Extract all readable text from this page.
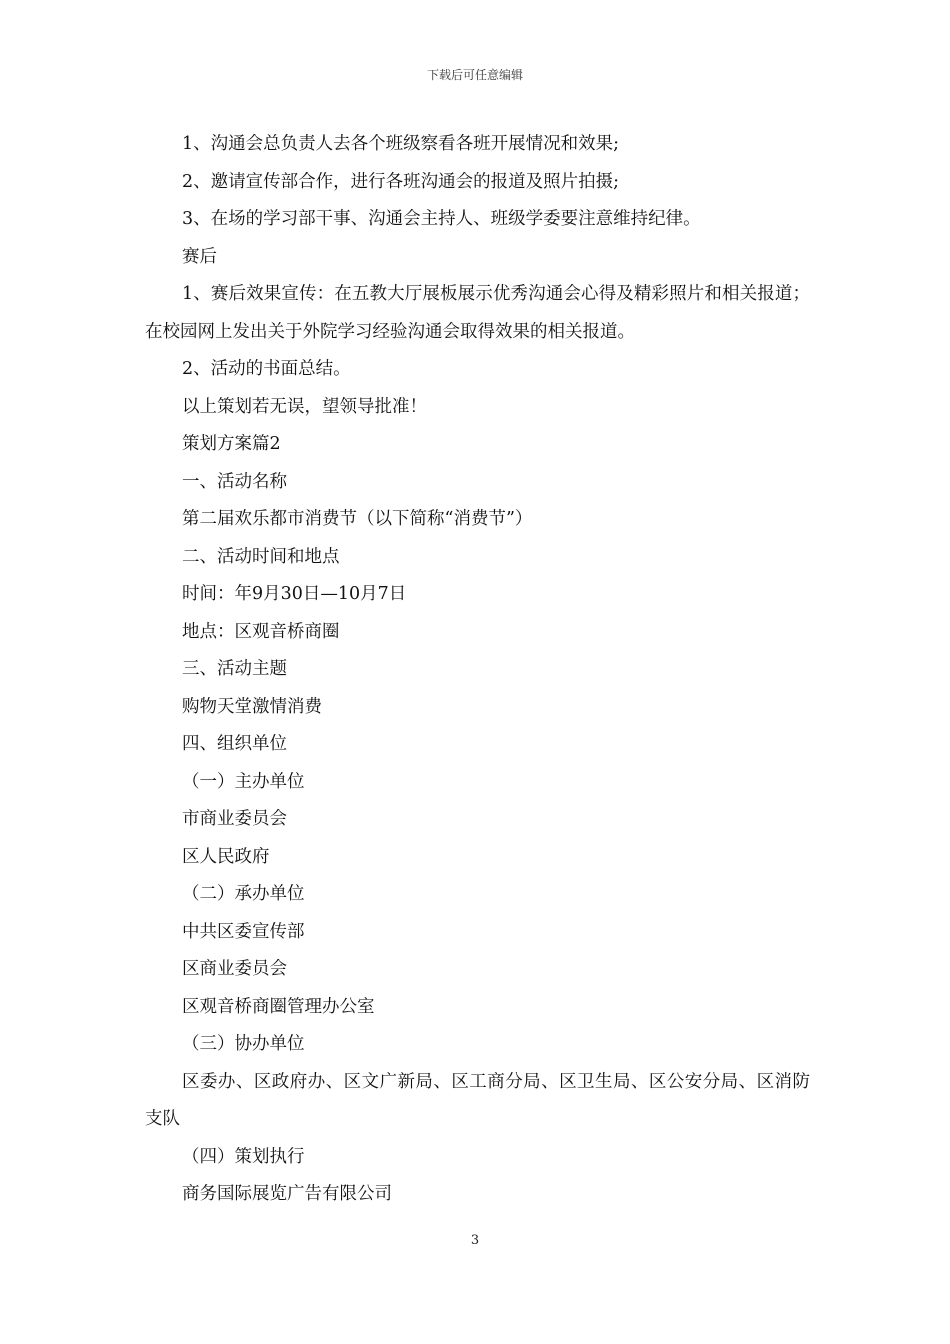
下载后可任意编辑
1、沟通会总负责人去各个班级察看各班开展情况和效果;
2、邀请宣传部合作，进行各班沟通会的报道及照片拍摄;
3、在场的学习部干事、沟通会主持人、班级学委要注意维持纪律。
赛后
1、赛后效果宣传：在五教大厅展板展示优秀沟通会心得及精彩照片和相关报道；在校园网上发出关于外院学习经验沟通会取得效果的相关报道。
2、活动的书面总结。
以上策划若无误，望领导批准！
策划方案篇2
一、活动名称
第二届欢乐都市消费节（以下简称“消费节”）
二、活动时间和地点
时间：年9月30日—10月7日
地点：区观音桥商圈
三、活动主题
购物天堂激情消费
四、组织单位
（一）主办单位
市商业委员会
区人民政府
（二）承办单位
中共区委宣传部
区商业委员会
区观音桥商圈管理办公室
（三）协办单位
区委办、区政府办、区文广新局、区工商分局、区卫生局、区公安分局、区消防支队
（四）策划执行
商务国际展览广告有限公司
3
